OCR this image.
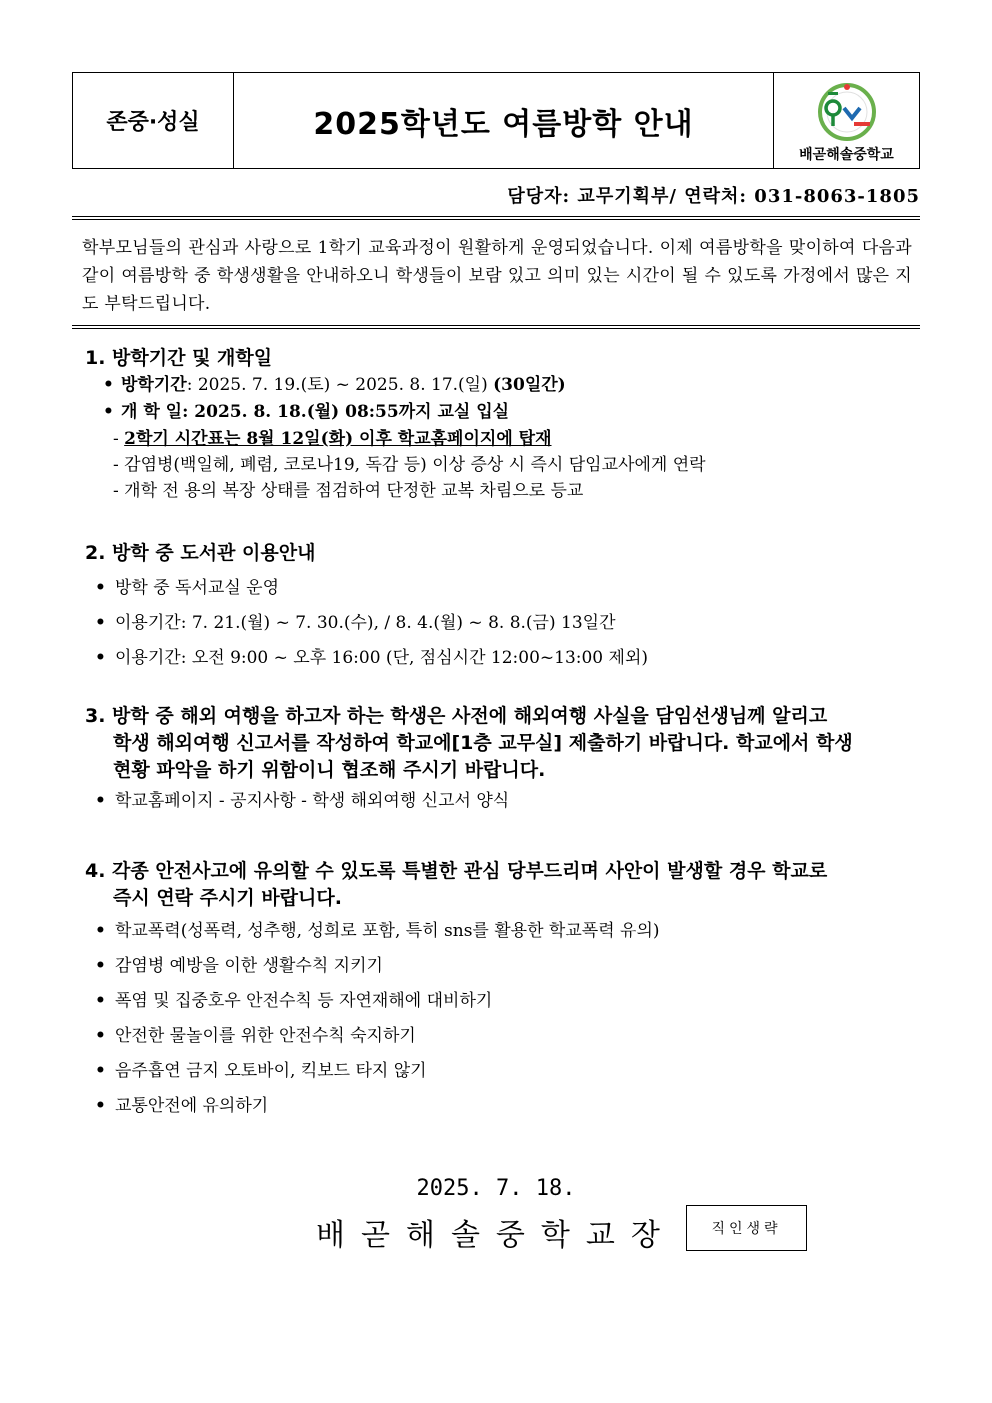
존중·성실	2025학년도 여름방학 안내
배곧해솔중학교
담당자: 교무기획부/ 연락처: 031-8063-1805
학부모님들의 관심과 사랑으로 1학기 교육과정이 원활하게 운영되었습니다. 이제 여름방학을 맞이하여 다음과 같이 여름방학 중 학생생활을 안내하오니 학생들이 보람 있고 의미 있는 시간이 될 수 있도록 가정에서 많은 지도 부탁드립니다.
1. 방학기간 및 개학일
• 방학기간: 2025. 7. 19.(토) ~ 2025. 8. 17.(일) (30일간)
• 개 학 일: 2025. 8. 18.(월) 08:55까지 교실 입실
- 2학기 시간표는 8월 12일(화) 이후 학교홈페이지에 탑재
- 감염병(백일헤, 폐렴, 코로나19, 독감 등) 이상 증상 시 즉시 담임교사에게 연락
- 개학 전 용의 복장 상태를 점검하여 단정한 교복 차림으로 등교
2. 방학 중 도서관 이용안내
• 방학 중 독서교실 운영
• 이용기간: 7. 21.(월) ~ 7. 30.(수), / 8. 4.(월) ~ 8. 8.(금) 13일간
• 이용기간: 오전 9:00 ~ 오후 16:00 (단, 점심시간 12:00~13:00 제외)
3. 방학 중 해외 여행을 하고자 하는 학생은 사전에 해외여행 사실을 담임선생님께 알리고
학생 해외여행 신고서를 작성하여 학교에[1층 교무실] 제출하기 바랍니다. 학교에서 학생
현황 파악을 하기 위함이니 협조해 주시기 바랍니다.
• 학교홈페이지 - 공지사항 - 학생 해외여행 신고서 양식
4. 각종 안전사고에 유의할 수 있도록 특별한 관심 당부드리며 사안이 발생할 경우 학교로
즉시 연락 주시기 바랍니다.
• 학교폭력(성폭력, 성추행, 성희로 포함, 특히 sns를 활용한 학교폭력 유의)
• 감염병 예방을 이한 생활수칙 지키기
• 폭염 및 집중호우 안전수칙 등 자연재해에 대비하기
• 안전한 물놀이를 위한 안전수칙 숙지하기
• 음주흡연 금지 오토바이, 킥보드 타지 않기
• 교통안전에 유의하기
2025. 7. 18.
배곧해솔중학교장	직인생략
